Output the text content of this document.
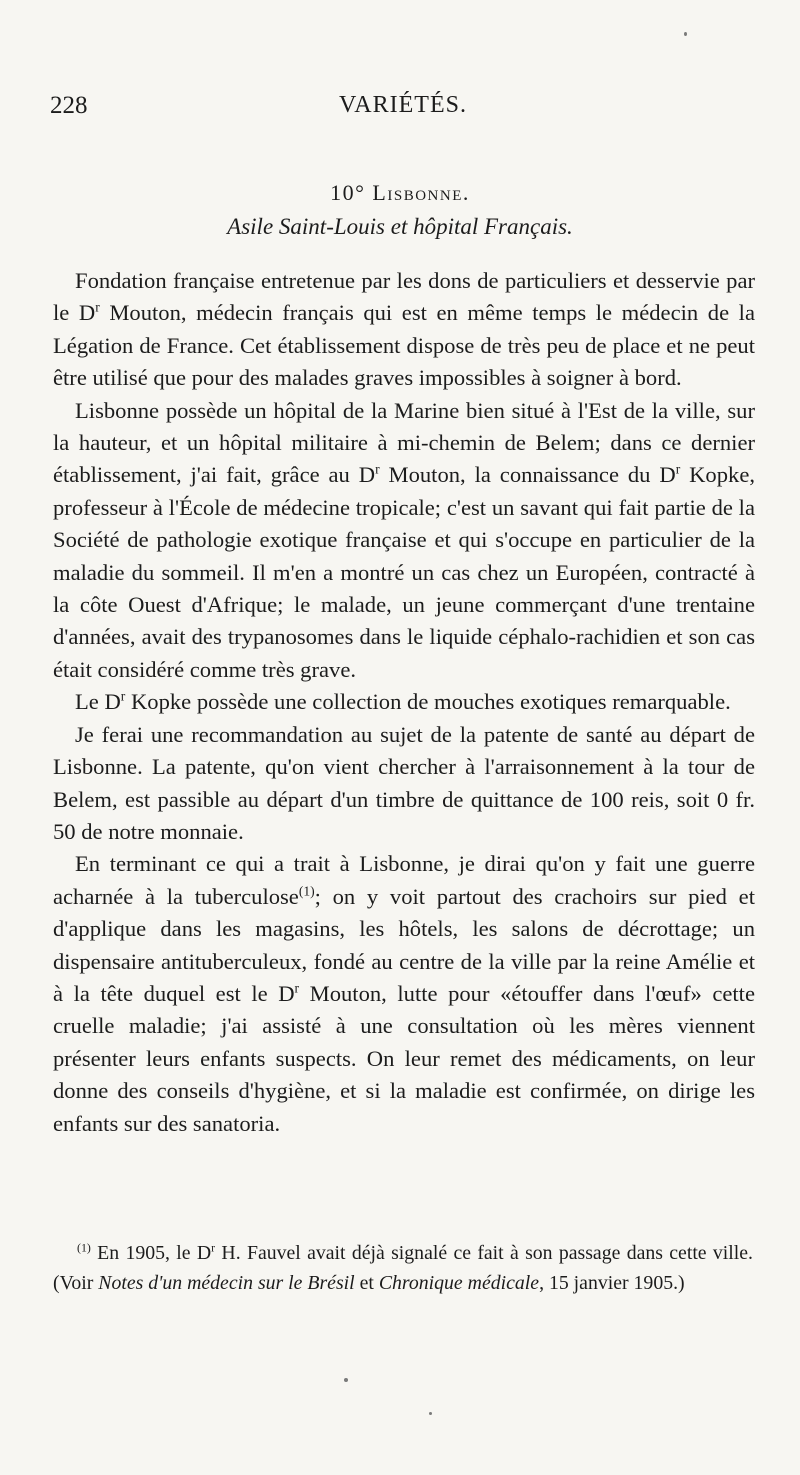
228	VARIÉTÉS.
10° Lisbonne.
Asile Saint-Louis et hôpital Français.

Fondation française entretenue par les dons de particuliers et desservie par le $D^r$ Mouton, médecin français qui est en même temps le médecin de la Légation de France. Cet établissement dispose de très peu de place et ne peut être utilisé que pour des malades graves impossibles à soigner à bord.

Lisbonne possède un hôpital de la Marine bien situé à l'Est de la ville, sur la hauteur, et un hôpital militaire à mi-chemin de Belem; dans ce dernier établissement, j'ai fait, grâce au $D^r$ Mouton, la connaissance du $D^r$ Kopke, professeur à l'École de médecine tropicale; c'est un savant qui fait partie de la Société de pathologie exotique française et qui s'occupe en particulier de la maladie du sommeil. Il m'en a montré un cas chez un Européen, contracté à la côte Ouest d'Afrique; le malade, un jeune commerçant d'une trentaine d'années, avait des trypanosomes dans le liquide céphalo-rachidien et son cas était considéré comme très grave.

Le $D^r$ Kopke possède une collection de mouches exotiques remarquable.

Je ferai une recommandation au sujet de la patente de santé au départ de Lisbonne. La patente, qu'on vient chercher à l'arraisonnement à la tour de Belem, est passible au départ d'un timbre de quittance de 100 reis, soit 0 fr. 50 de notre monnaie.

En terminant ce qui a trait à Lisbonne, je dirai qu'on y fait une guerre acharnée à la tuberculose$^{(1)}$; on y voit partout des crachoirs sur pied et d'applique dans les magasins, les hôtels, les salons de décrottage; un dispensaire antituberculeux, fondé au centre de la ville par la reine Amélie et à la tête duquel est le $D^r$ Mouton, lutte pour «étouffer dans l'œuf» cette cruelle maladie; j'ai assisté à une consultation où les mères viennent présenter leurs enfants suspects. On leur remet des médicaments, on leur donne des conseils d'hygiène, et si la maladie est confirmée, on dirige les enfants sur des sanatoria.

$^{(1)}$ En 1905, le $D^r$ H. Fauvel avait déjà signalé ce fait à son passage dans cette ville. (Voir Notes d'un médecin sur le Brésil et Chronique médicale, 15 janvier 1905.)
